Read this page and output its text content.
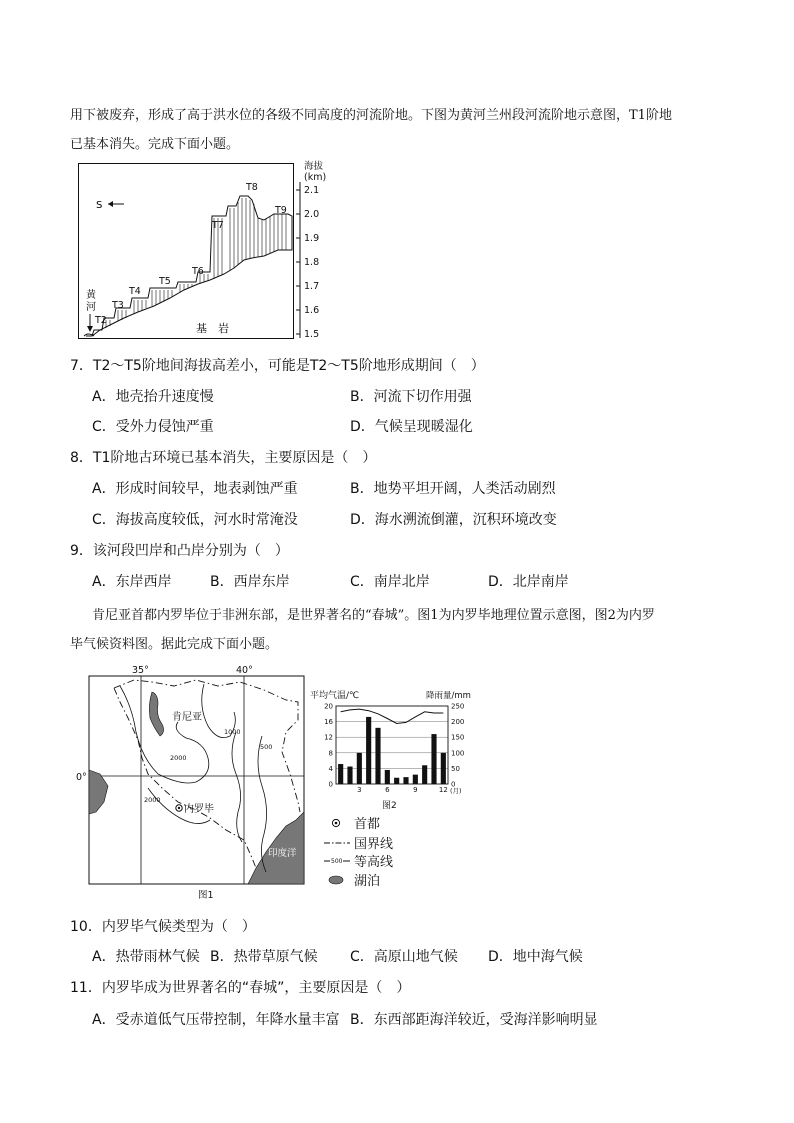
用下被废弃，形成了高于洪水位的各级不同高度的河流阶地。下图为黄河兰州段河流阶地示意图，T1阶地
已基本消失。完成下面小题。
海拔
(km)
2.1
2.0
1.9
1.8
1.7
1.6
1.5
S
T2
T3
T4
T5
T6
T7
T8
T9
黄
河
基　岩
7．T2～T5阶地间海拔高差小，可能是T2～T5阶地形成期间（　）
A．地壳抬升速度慢	B．河流下切作用强
C．受外力侵蚀严重	D．气候呈现暖湿化
8．T1阶地古环境已基本消失，主要原因是（　）
A．形成时间较早，地表剥蚀严重	B．地势平坦开阔，人类活动剧烈
C．海拔高度较低，河水时常淹没	D．海水溯流倒灌，沉积环境改变
9．该河段凹岸和凸岸分别为（　）
A．东岸西岸	B．西岸东岸	C．南岸北岸	D．北岸南岸
肯尼亚首都内罗毕位于非洲东部，是世界著名的“春城”。图1为内罗毕地理位置示意图，图2为内罗
毕气候资料图。据此完成下面小题。
35°	40°
0°
1000
500
2000
2000
肯尼亚
内罗毕
印度洋
图1
平均气温/℃	降雨量/mm
0
4
8
12
16
20
0
50
100
150
200
250
3	6	9	12 (月)
图2
首都
国界线
500 等高线
湖泊
10．内罗毕气候类型为（　）
A．热带雨林气候 B．热带草原气候 C．高原山地气候 D．地中海气候
11．内罗毕成为世界著名的“春城”，主要原因是（　）
A．受赤道低气压带控制，年降水量丰富 B．东西部距海洋较近，受海洋影响明显
